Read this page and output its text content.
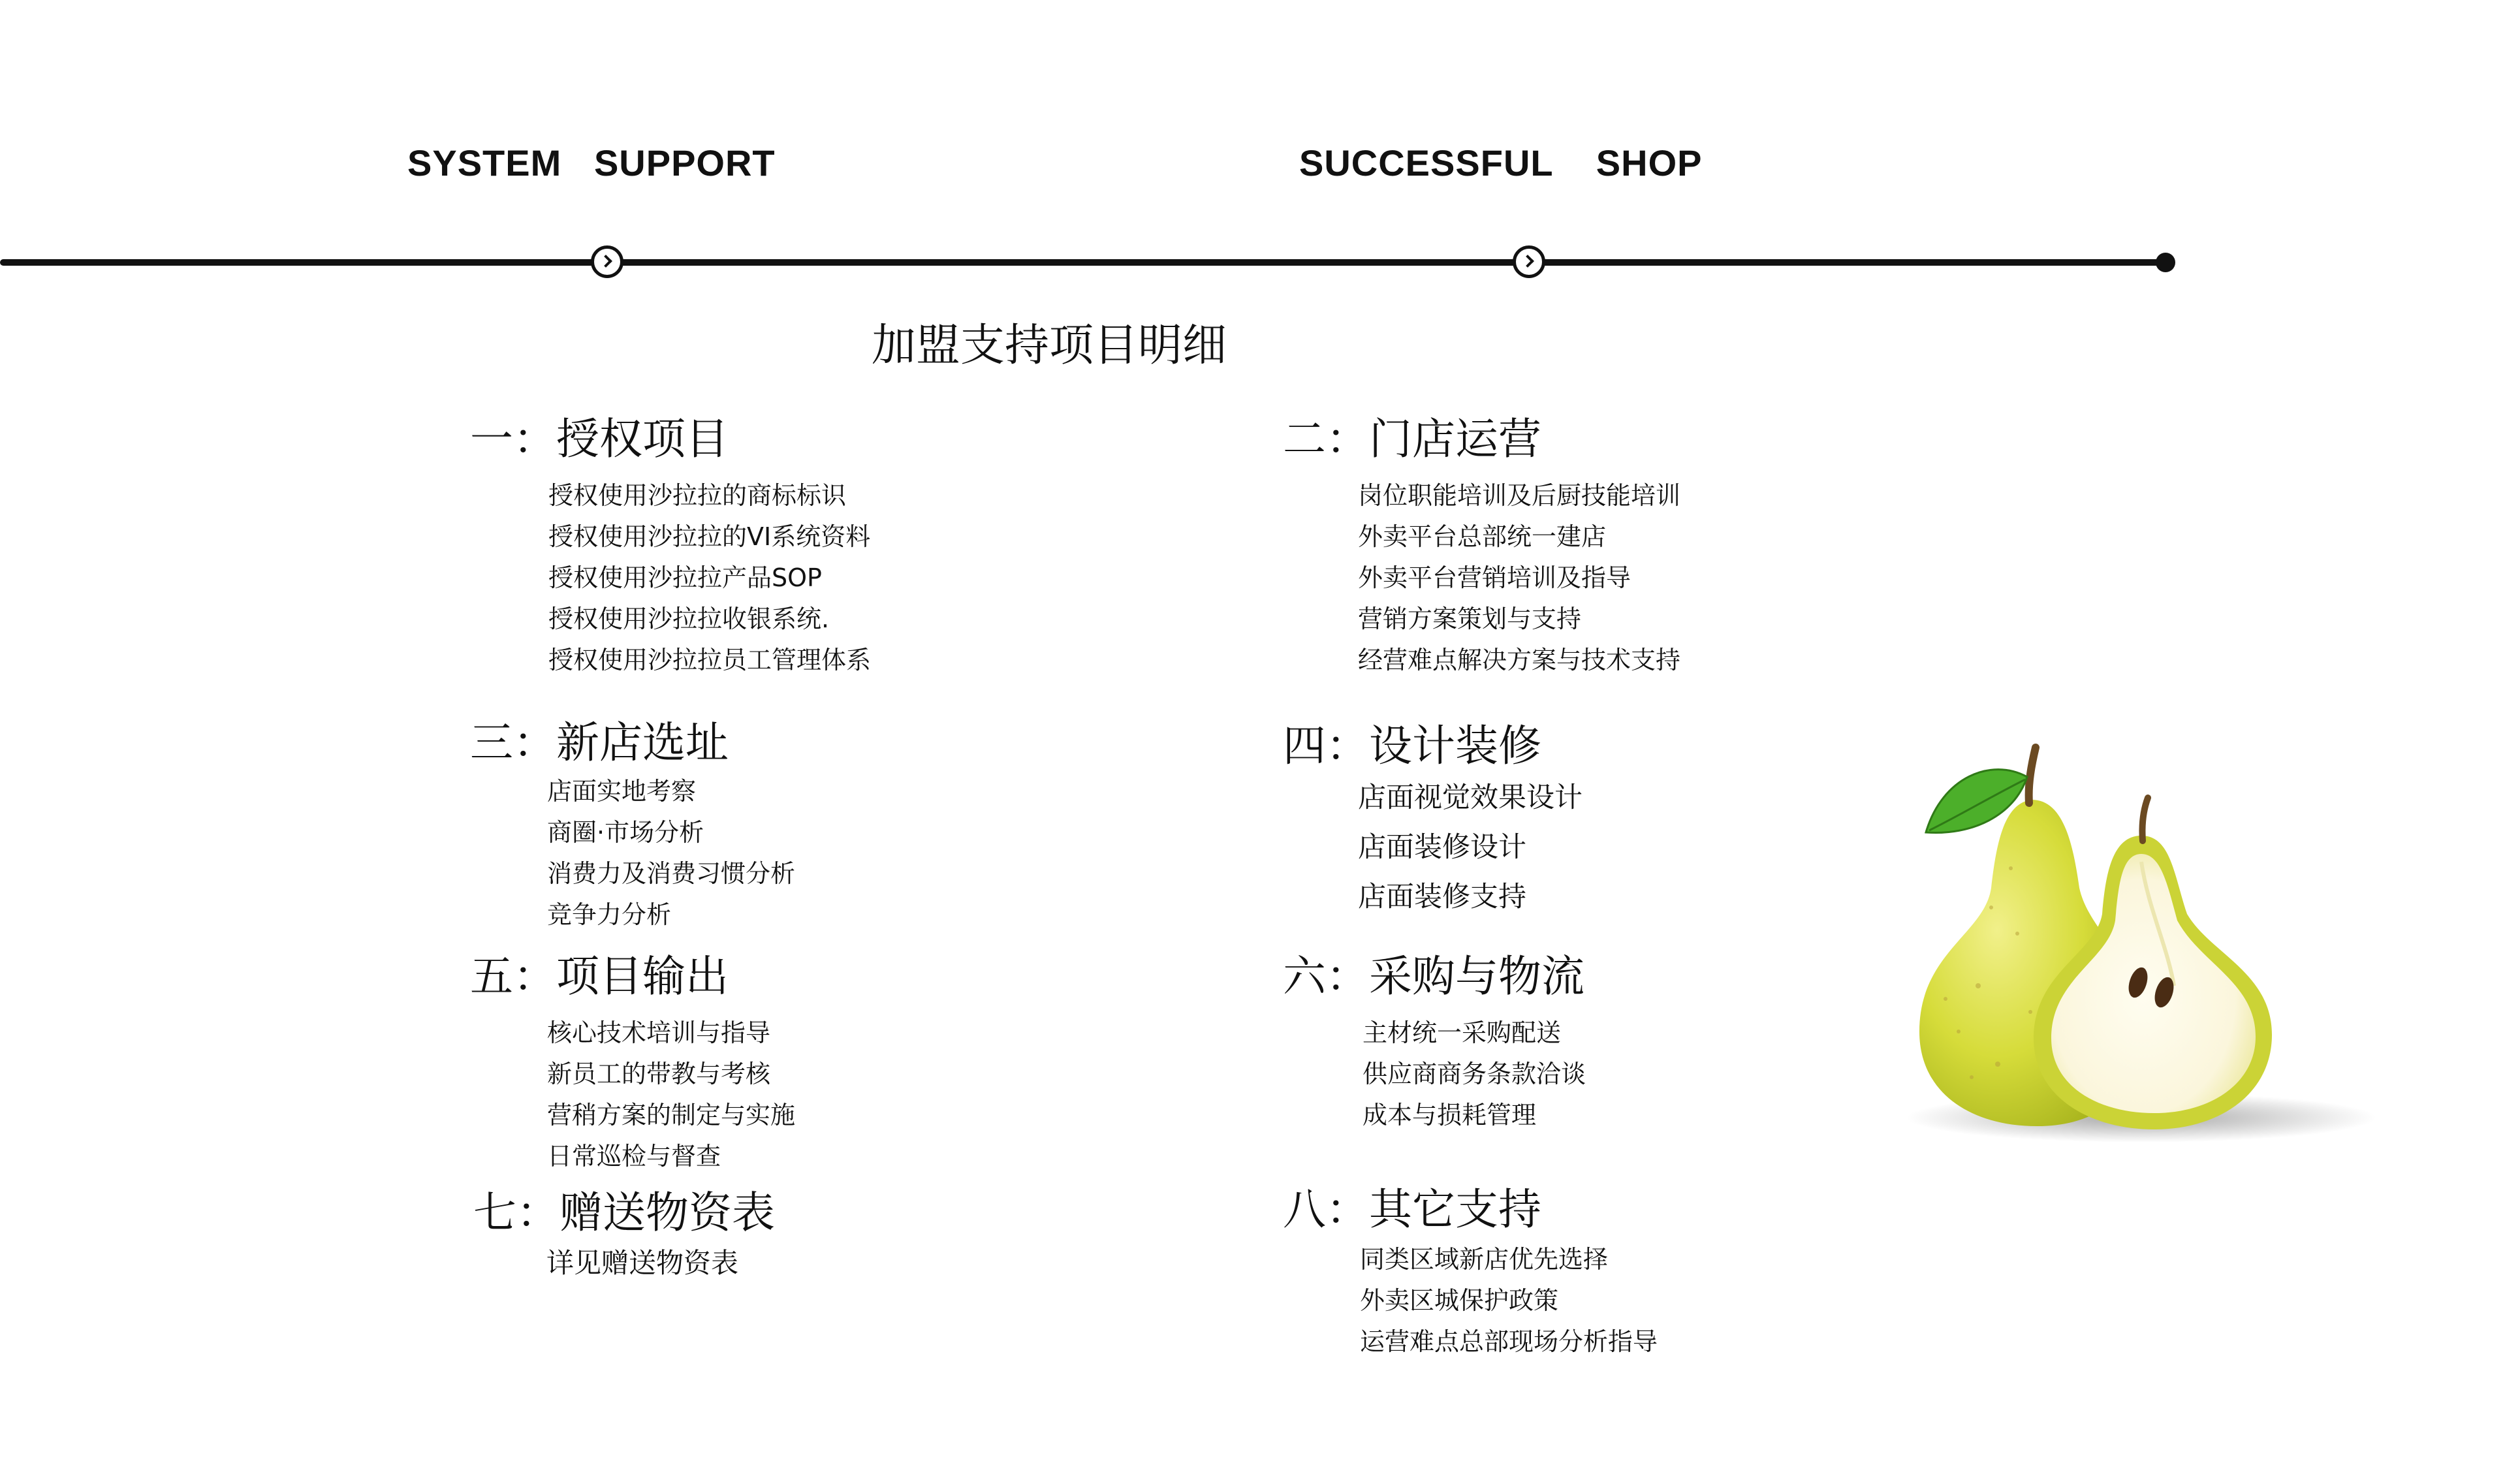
SYSTEM   SUPPORT	SUCCESSFUL    SHOP
加盟支持项目明细
一：授权项目
授权使用沙拉拉的商标标识
授权使用沙拉拉的VI系统资料
授权使用沙拉拉产品SOP
授权使用沙拉拉收银系统.
授权使用沙拉拉员工管理体系
二：门店运营
岗位职能培训及后厨技能培训
外卖平台总部统一建店
外卖平台营销培训及指导
营销方案策划与支持
经营难点解决方案与技术支持
三：新店选址
店面实地考察
商圈·市场分析
消费力及消费习惯分析
竞争力分析
四：设计装修
店面视觉效果设计
店面装修设计
店面装修支持
五：项目输出
核心技术培训与指导
新员工的带教与考核
营稍方案的制定与实施
日常巡检与督查
六：采购与物流
主材统一采购配送
供应商商务条款洽谈
成本与损耗管理
七：赠送物资表
详见赠送物资表
八：其它支持
同类区域新店优先选择
外卖区城保护政策
运营难点总部现场分析指导
